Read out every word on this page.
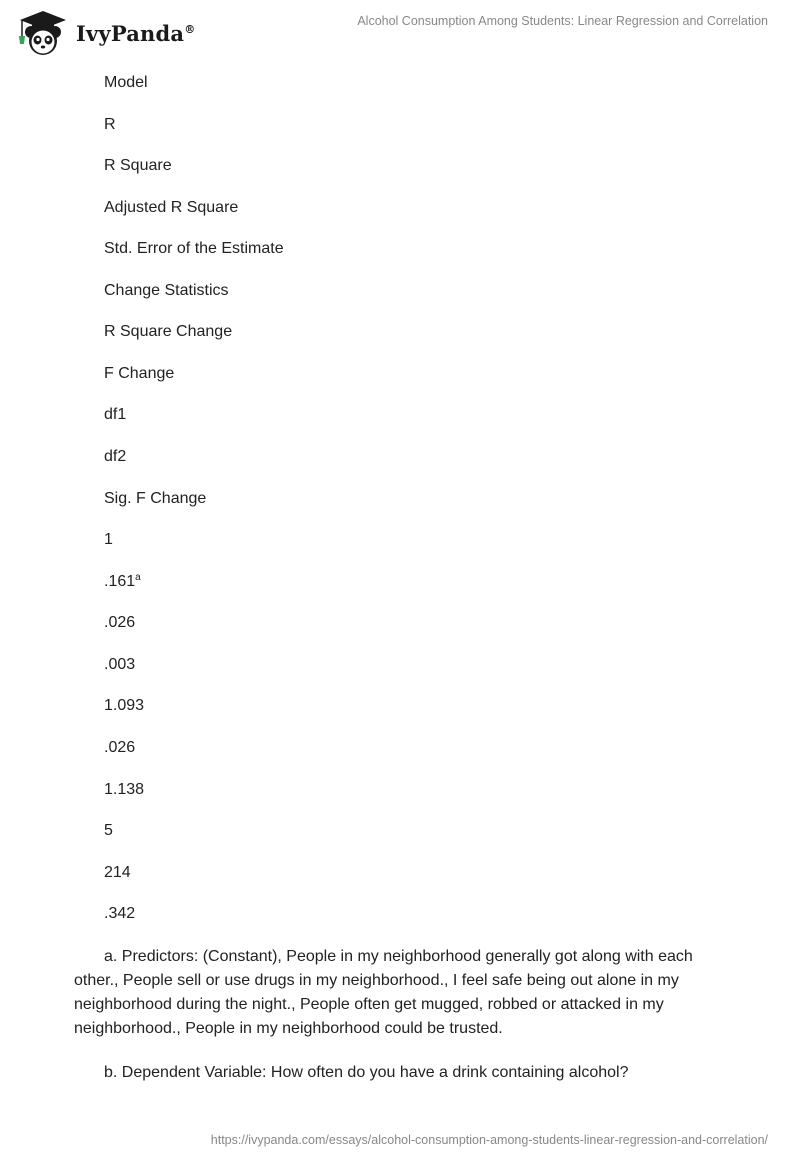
IvyPanda®
Alcohol Consumption Among Students: Linear Regression and Correlation
Model
R
R Square
Adjusted R Square
Std. Error of the Estimate
Change Statistics
R Square Change
F Change
df1
df2
Sig. F Change
1
.161$^a$
.026
.003
1.093
.026
1.138
5
214
.342

a. Predictors: (Constant), People in my neighborhood generally got along with each other., People sell or use drugs in my neighborhood., I feel safe being out alone in my neighborhood during the night., People often get mugged, robbed or attacked in my neighborhood., People in my neighborhood could be trusted.

b. Dependent Variable: How often do you have a drink containing alcohol?

https://ivypanda.com/essays/alcohol-consumption-among-students-linear-regression-and-correlation/
